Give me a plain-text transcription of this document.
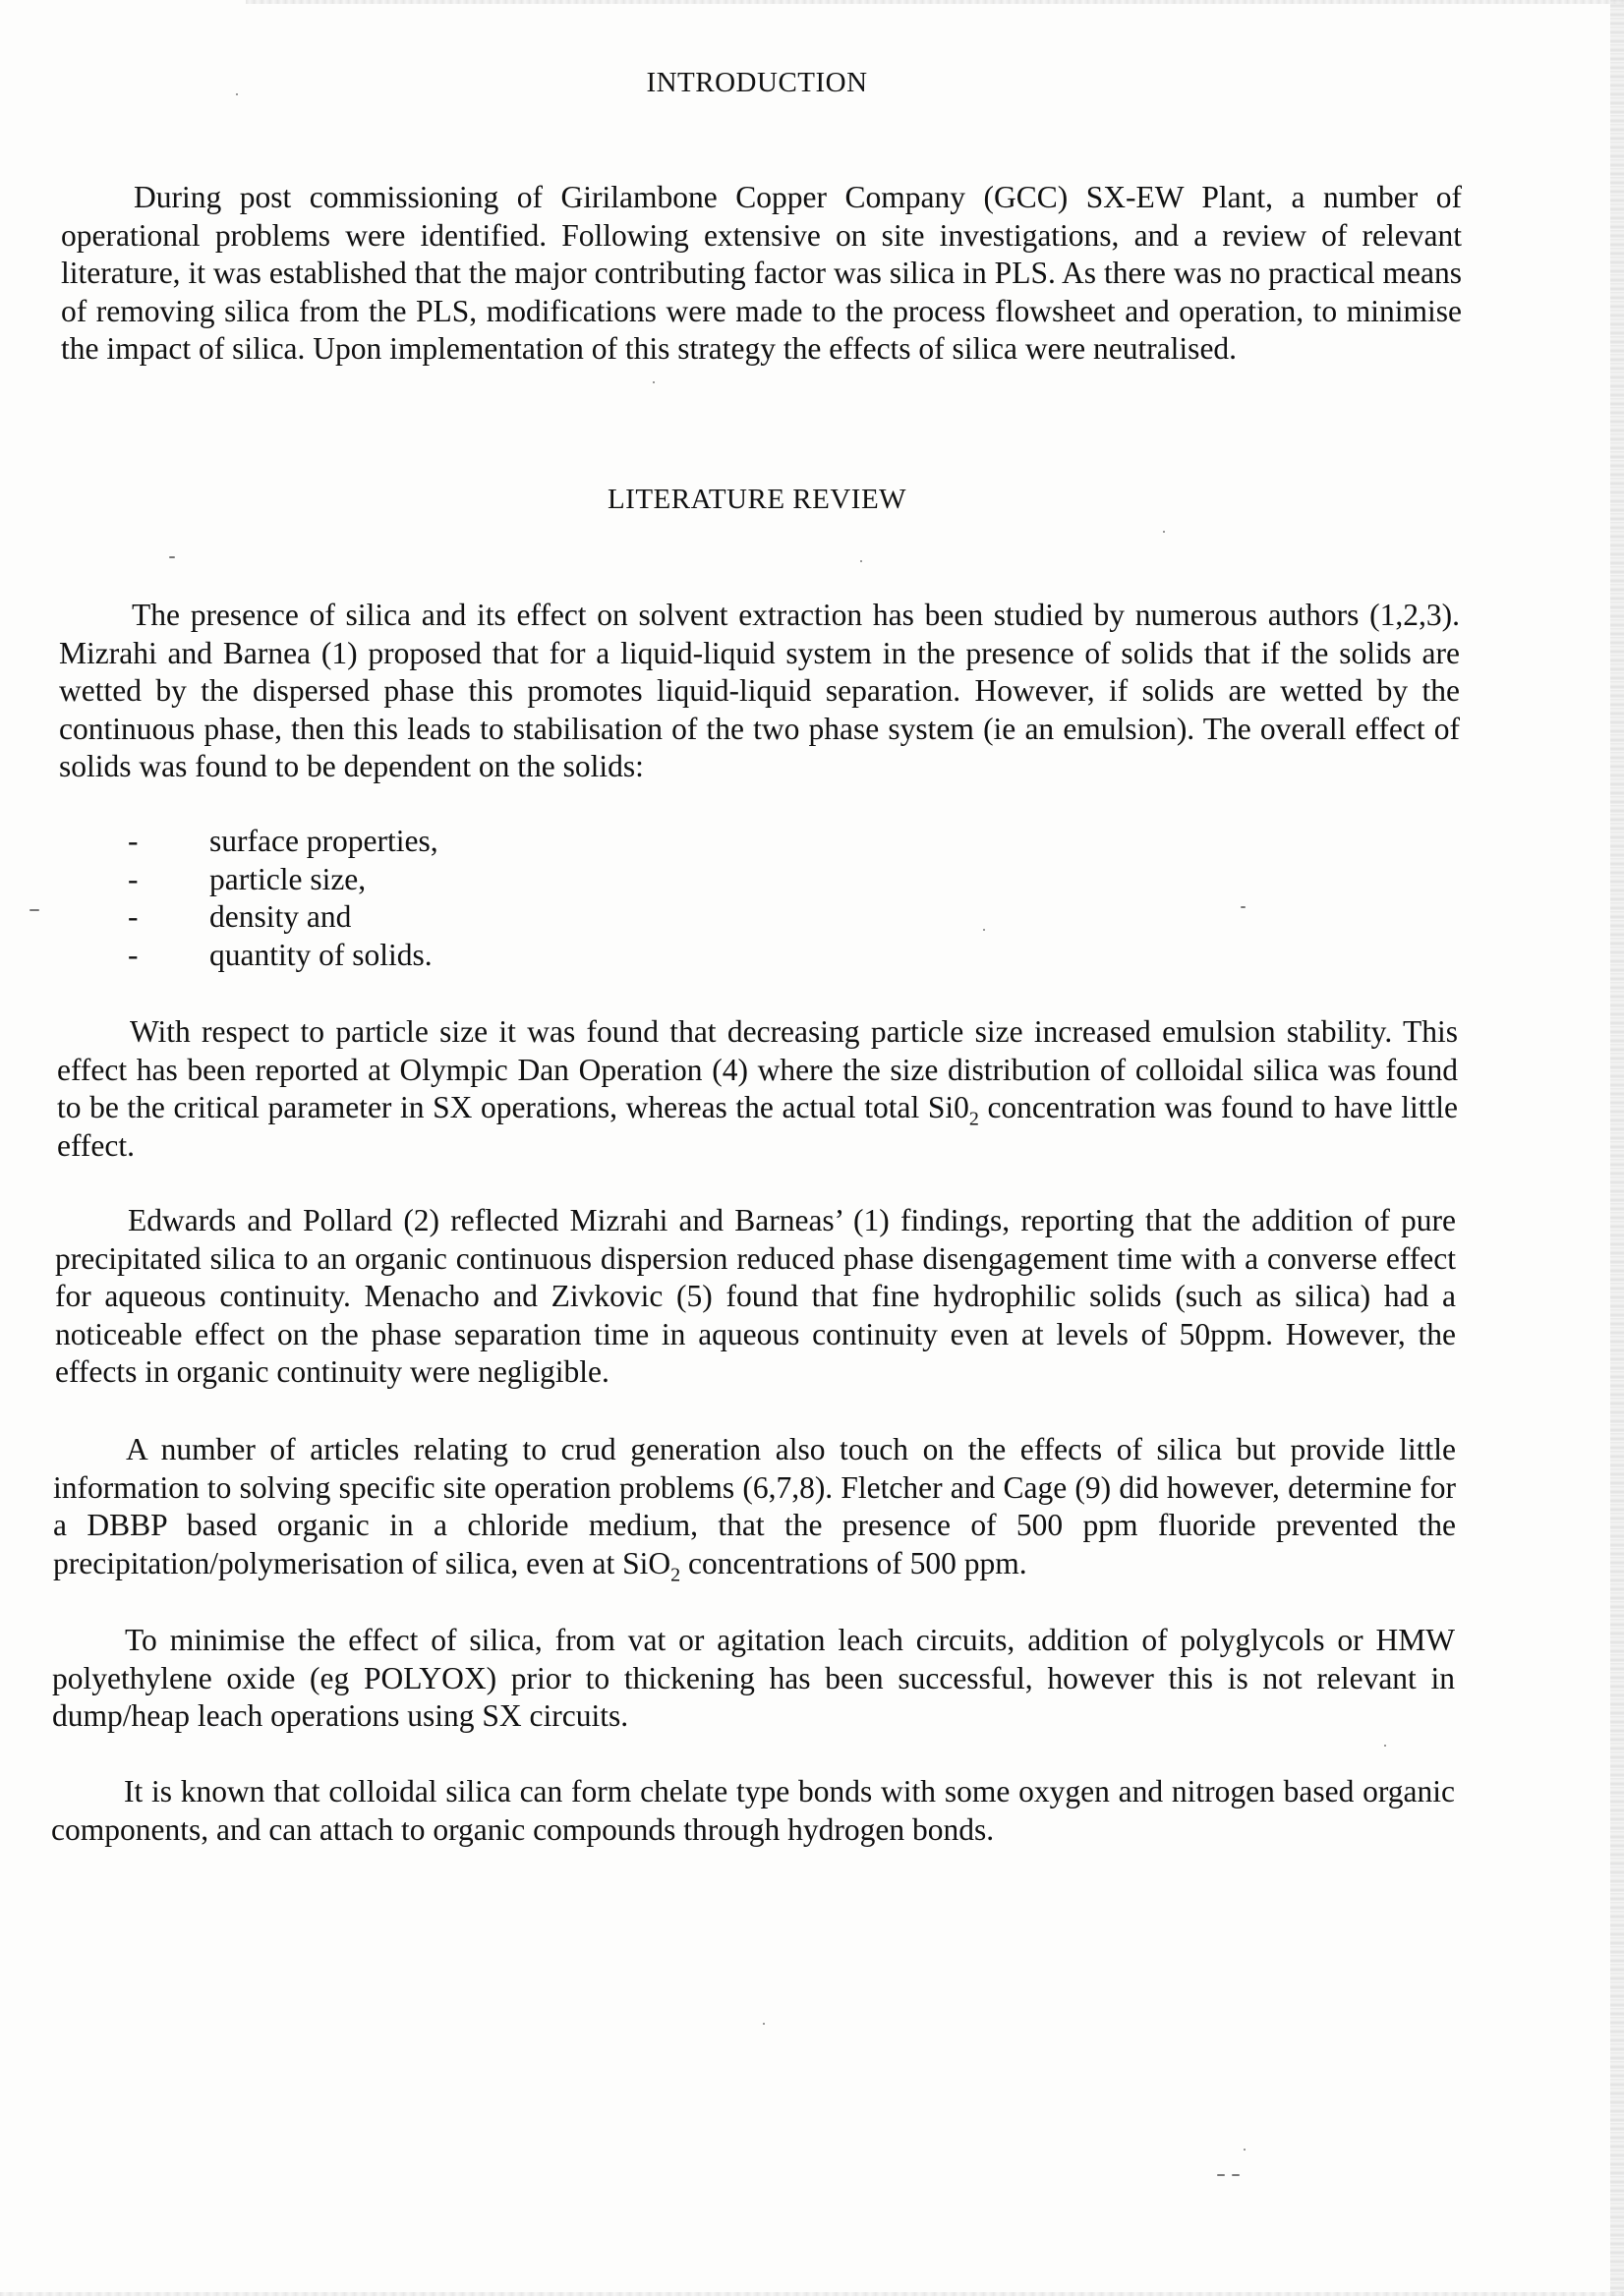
INTRODUCTION
During post commissioning of Girilambone Copper Company (GCC) SX-EW Plant, a number of operational problems were identified. Following extensive on site investigations, and a review of relevant literature, it was established that the major contributing factor was silica in PLS. As there was no practical means of removing silica from the PLS, modifications were made to the process flowsheet and operation, to minimise the impact of silica. Upon implementation of this strategy the effects of silica were neutralised.
LITERATURE REVIEW
The presence of silica and its effect on solvent extraction has been studied by numerous authors (1,2,3). Mizrahi and Barnea (1) proposed that for a liquid-liquid system in the presence of solids that if the solids are wetted by the dispersed phase this promotes liquid-liquid separation. However, if solids are wetted by the continuous phase, then this leads to stabilisation of the two phase system (ie an emulsion). The overall effect of solids was found to be dependent on the solids:
- surface properties,
- particle size,
- density and
- quantity of solids.
With respect to particle size it was found that decreasing particle size increased emulsion stability. This effect has been reported at Olympic Dan Operation (4) where the size distribution of colloidal silica was found to be the critical parameter in SX operations, whereas the actual total $Si0_2$ concentration was found to have little effect.
Edwards and Pollard (2) reflected Mizrahi and Barneas’ (1) findings, reporting that the addition of pure precipitated silica to an organic continuous dispersion reduced phase disengagement time with a converse effect for aqueous continuity. Menacho and Zivkovic (5) found that fine hydrophilic solids (such as silica) had a noticeable effect on the phase separation time in aqueous continuity even at levels of 50ppm. However, the effects in organic continuity were negligible.
A number of articles relating to crud generation also touch on the effects of silica but provide little information to solving specific site operation problems (6,7,8). Fletcher and Cage (9) did however, determine for a DBBP based organic in a chloride medium, that the presence of 500 ppm fluoride prevented the precipitation/polymerisation of silica, even at SiO$_2$ concentrations of 500 ppm.
To minimise the effect of silica, from vat or agitation leach circuits, addition of polyglycols or HMW polyethylene oxide (eg POLYOX) prior to thickening has been successful, however this is not relevant in dump/heap leach operations using SX circuits.
It is known that colloidal silica can form chelate type bonds with some oxygen and nitrogen based organic components, and can attach to organic compounds through hydrogen bonds.
